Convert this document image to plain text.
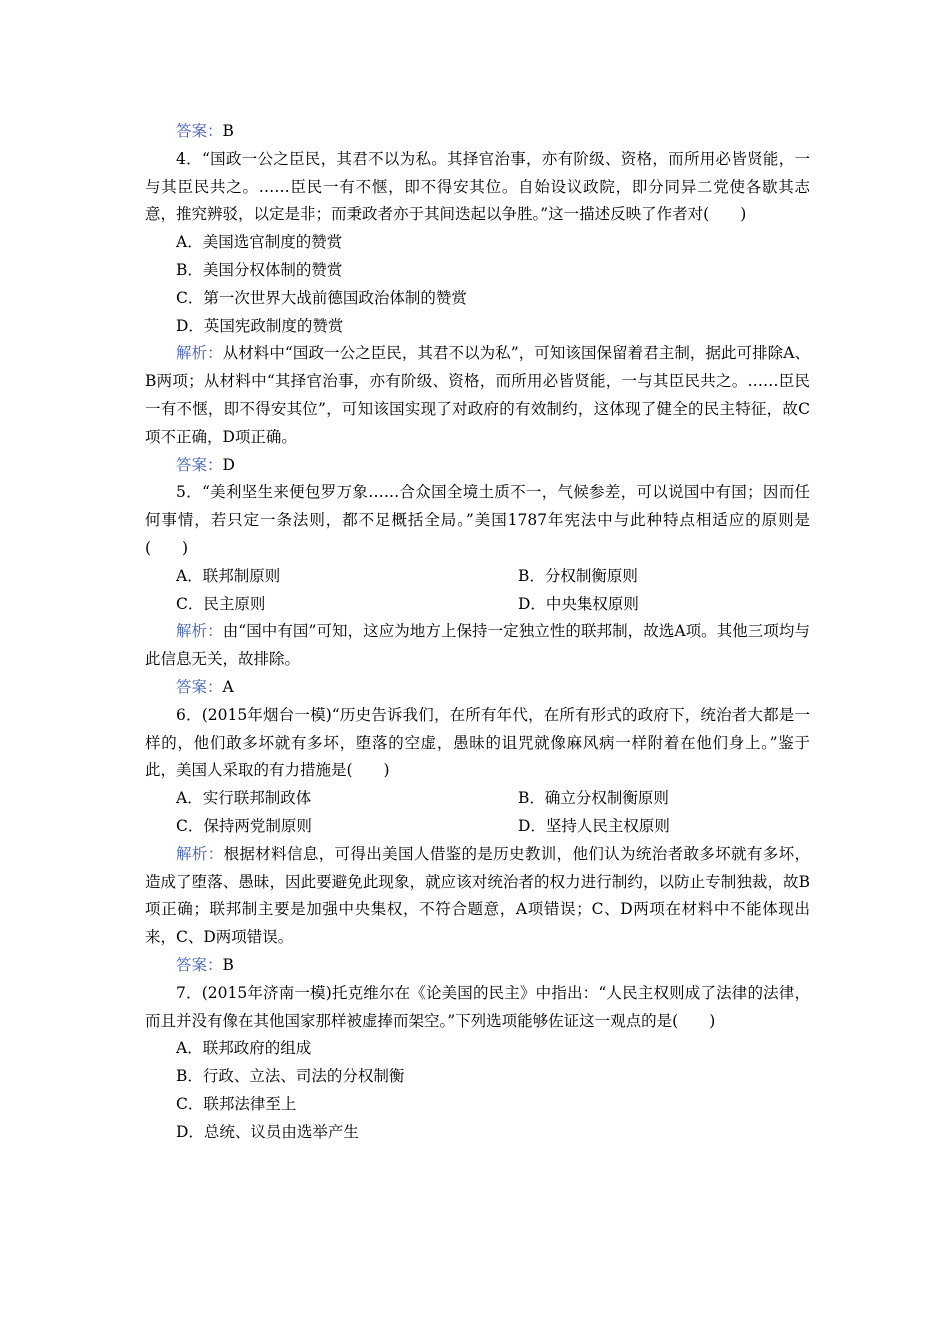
答案：B

4．“国政一公之臣民，其君不以为私。其择官治事，亦有阶级、资格，而所用必皆贤能，一与其臣民共之。……臣民一有不惬，即不得安其位。自始设议政院，即分同异二党使各歇其志意，推究辨驳，以定是非；而秉政者亦于其间迭起以争胜。”这一描述反映了作者对(　　)

A．美国选官制度的赞赏

B．美国分权体制的赞赏

C．第一次世界大战前德国政治体制的赞赏

D．英国宪政制度的赞赏

解析：从材料中“国政一公之臣民，其君不以为私”，可知该国保留着君主制，据此可排除A、B两项；从材料中“其择官治事，亦有阶级、资格，而所用必皆贤能，一与其臣民共之。……臣民一有不惬，即不得安其位”，可知该国实现了对政府的有效制约，这体现了健全的民主特征，故C项不正确，D项正确。

答案：D

5．“美利坚生来便包罗万象……合众国全境土质不一，气候参差，可以说国中有国；因而任何事情，若只定一条法则，都不足概括全局。”美国1787年宪法中与此种特点相适应的原则是(　　)

A．联邦制原则	B．分权制衡原则
C．民主原则	D．中央集权原则

解析：由“国中有国”可知，这应为地方上保持一定独立性的联邦制，故选A项。其他三项均与此信息无关，故排除。

答案：A

6．(2015年烟台一模)“历史告诉我们，在所有年代，在所有形式的政府下，统治者大都是一样的，他们敢多坏就有多坏，堕落的空虚，愚昧的诅咒就像麻风病一样附着在他们身上。”鉴于此，美国人采取的有力措施是(　　)

A．实行联邦制政体	B．确立分权制衡原则
C．保持两党制原则	D．坚持人民主权原则

解析：根据材料信息，可得出美国人借鉴的是历史教训，他们认为统治者敢多坏就有多坏，造成了堕落、愚昧，因此要避免此现象，就应该对统治者的权力进行制约，以防止专制独裁，故B项正确；联邦制主要是加强中央集权，不符合题意，A项错误；C、D两项在材料中不能体现出来，C、D两项错误。

答案：B

7．(2015年济南一模)托克维尔在《论美国的民主》中指出：“人民主权则成了法律的法律，而且并没有像在其他国家那样被虚捧而架空。”下列选项能够佐证这一观点的是(　　)

A．联邦政府的组成

B．行政、立法、司法的分权制衡

C．联邦法律至上

D．总统、议员由选举产生
